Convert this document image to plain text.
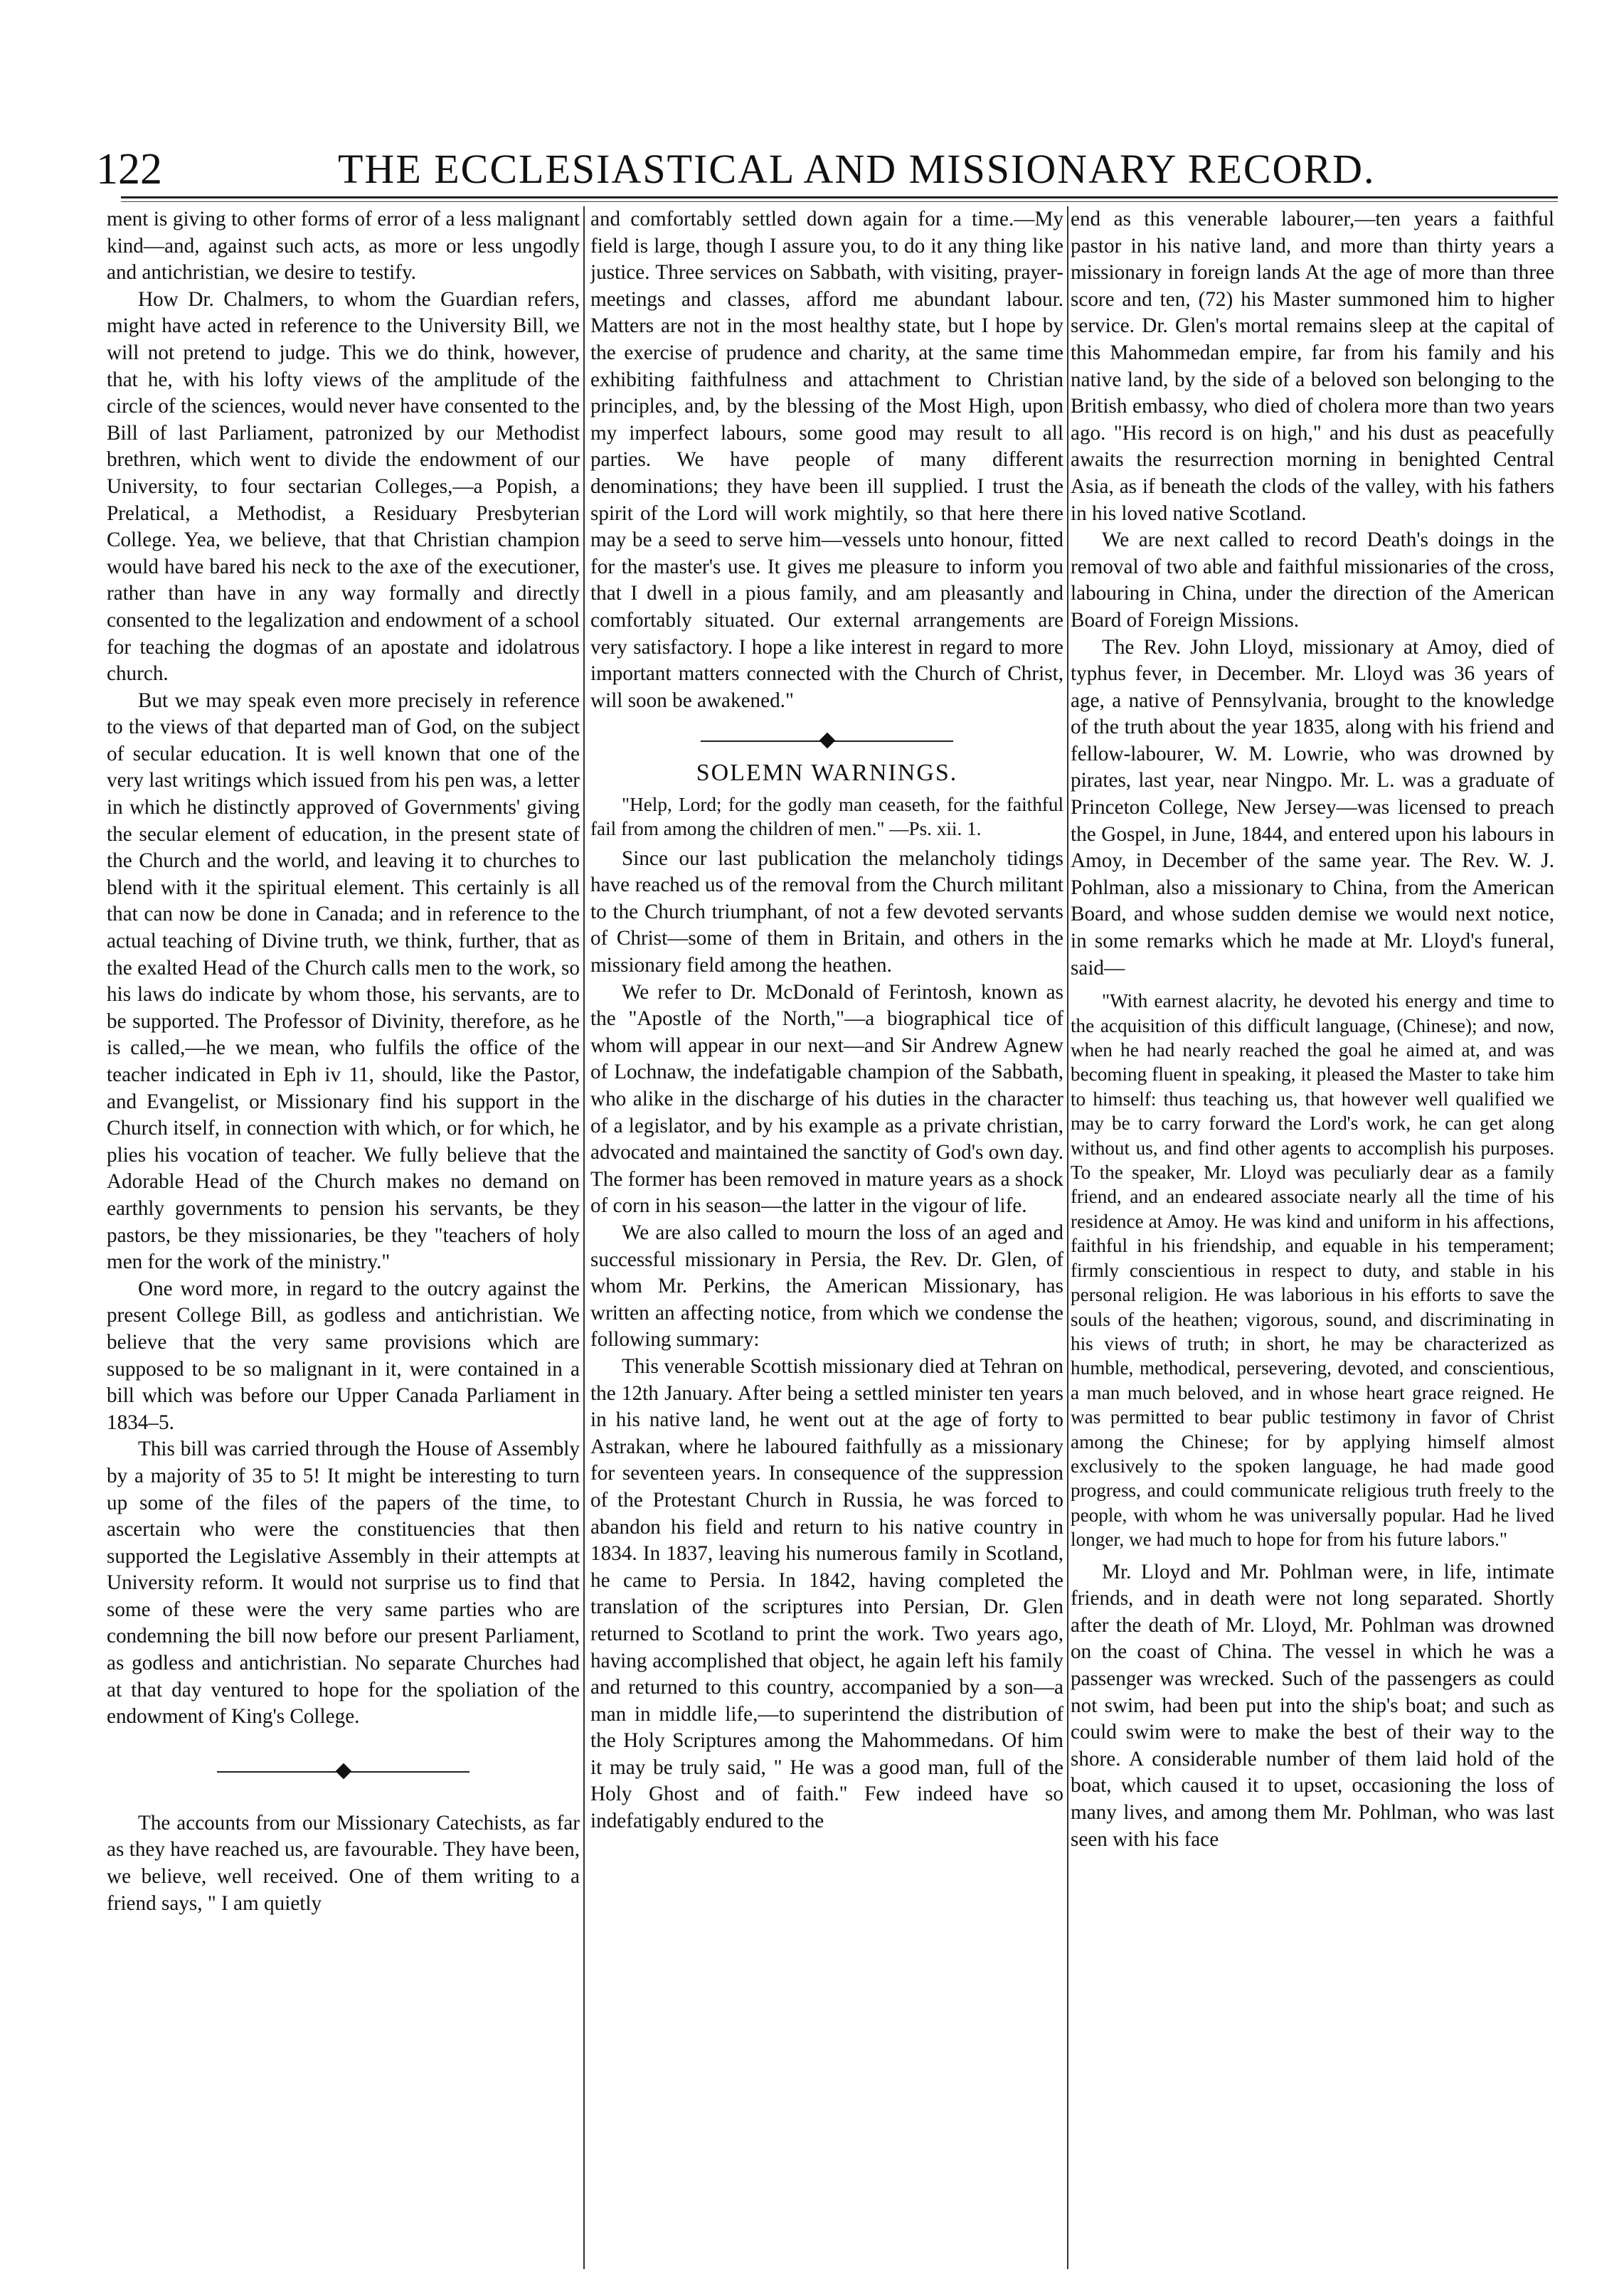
122	THE ECCLESIASTICAL AND MISSIONARY RECORD.

ment is giving to other forms of error of a less malignant kind—and, against such acts, as more or less ungodly and antichristian, we desire to testify.

How Dr. Chalmers, to whom the Guardian refers, might have acted in reference to the University Bill, we will not pretend to judge. This we do think, however, that he, with his lofty views of the amplitude of the circle of the sciences, would never have consented to the Bill of last Parliament, patronized by our Methodist brethren, which went to divide the endowment of our University, to four sectarian Colleges,—a Popish, a Prelatical, a Methodist, a Residuary Presbyterian College. Yea, we believe, that that Christian champion would have bared his neck to the axe of the executioner, rather than have in any way formally and directly consented to the legalization and endowment of a school for teaching the dogmas of an apostate and idolatrous church.

But we may speak even more precisely in reference to the views of that departed man of God, on the subject of secular education. It is well known that one of the very last writings which issued from his pen was, a letter in which he distinctly approved of Governments' giving the secular element of education, in the present state of the Church and the world, and leaving it to churches to blend with it the spiritual element. This certainly is all that can now be done in Canada; and in reference to the actual teaching of Divine truth, we think, further, that as the exalted Head of the Church calls men to the work, so his laws do indicate by whom those, his servants, are to be supported. The Professor of Divinity, therefore, as he is called,—he we mean, who fulfils the office of the teacher indicated in Eph iv 11, should, like the Pastor, and Evangelist, or Missionary find his support in the Church itself, in connection with which, or for which, he plies his vocation of teacher. We fully believe that the Adorable Head of the Church makes no demand on earthly governments to pension his servants, be they pastors, be they missionaries, be they "teachers of holy men for the work of the ministry."

One word more, in regard to the outcry against the present College Bill, as godless and antichristian. We believe that the very same provisions which are supposed to be so malignant in it, were contained in a bill which was before our Upper Canada Parliament in 1834–5.

This bill was carried through the House of Assembly by a majority of 35 to 5! It might be interesting to turn up some of the files of the papers of the time, to ascertain who were the constituencies that then supported the Legislative Assembly in their attempts at University reform. It would not surprise us to find that some of these were the very same parties who are condemning the bill now before our present Parliament, as godless and antichristian. No separate Churches had at that day ventured to hope for the spoliation of the endowment of King's College.

The accounts from our Missionary Catechists, as far as they have reached us, are favourable. They have been, we believe, well received. One of them writing to a friend says, " I am quietly

and comfortably settled down again for a time.—My field is large, though I assure you, to do it any thing like justice. Three services on Sabbath, with visiting, prayer-meetings and classes, afford me abundant labour. Matters are not in the most healthy state, but I hope by the exercise of prudence and charity, at the same time exhibiting faithfulness and attachment to Christian principles, and, by the blessing of the Most High, upon my imperfect labours, some good may result to all parties. We have people of many different denominations; they have been ill supplied. I trust the spirit of the Lord will work mightily, so that here there may be a seed to serve him—vessels unto honour, fitted for the master's use. It gives me pleasure to inform you that I dwell in a pious family, and am pleasantly and comfortably situated. Our external arrangements are very satisfactory. I hope a like interest in regard to more important matters connected with the Church of Christ, will soon be awakened."

SOLEMN WARNINGS.

"Help, Lord; for the godly man ceaseth, for the faithful fail from among the children of men." —Ps. xii. 1.

Since our last publication the melancholy tidings have reached us of the removal from the Church militant to the Church triumphant, of not a few devoted servants of Christ—some of them in Britain, and others in the missionary field among the heathen.

We refer to Dr. McDonald of Ferintosh, known as the "Apostle of the North,"—a biographical tice of whom will appear in our next—and Sir Andrew Agnew of Lochnaw, the indefatigable champion of the Sabbath, who alike in the discharge of his duties in the character of a legislator, and by his example as a private christian, advocated and maintained the sanctity of God's own day. The former has been removed in mature years as a shock of corn in his season—the latter in the vigour of life.

We are also called to mourn the loss of an aged and successful missionary in Persia, the Rev. Dr. Glen, of whom Mr. Perkins, the American Missionary, has written an affecting notice, from which we condense the following summary:

This venerable Scottish missionary died at Tehran on the 12th January. After being a settled minister ten years in his native land, he went out at the age of forty to Astrakan, where he laboured faithfully as a missionary for seventeen years. In consequence of the suppression of the Protestant Church in Russia, he was forced to abandon his field and return to his native country in 1834. In 1837, leaving his numerous family in Scotland, he came to Persia. In 1842, having completed the translation of the scriptures into Persian, Dr. Glen returned to Scotland to print the work. Two years ago, having accomplished that object, he again left his family and returned to this country, accompanied by a son—a man in middle life,—to superintend the distribution of the Holy Scriptures among the Mahommedans. Of him it may be truly said, " He was a good man, full of the Holy Ghost and of faith." Few indeed have so indefatigably endured to the

end as this venerable labourer,—ten years a faithful pastor in his native land, and more than thirty years a missionary in foreign lands At the age of more than three score and ten, (72) his Master summoned him to higher service. Dr. Glen's mortal remains sleep at the capital of this Mahommedan empire, far from his family and his native land, by the side of a beloved son belonging to the British embassy, who died of cholera more than two years ago. "His record is on high," and his dust as peacefully awaits the resurrection morning in benighted Central Asia, as if beneath the clods of the valley, with his fathers in his loved native Scotland.

We are next called to record Death's doings in the removal of two able and faithful missionaries of the cross, labouring in China, under the direction of the American Board of Foreign Missions.

The Rev. John Lloyd, missionary at Amoy, died of typhus fever, in December. Mr. Lloyd was 36 years of age, a native of Pennsylvania, brought to the knowledge of the truth about the year 1835, along with his friend and fellow-labourer, W. M. Lowrie, who was drowned by pirates, last year, near Ningpo. Mr. L. was a graduate of Princeton College, New Jersey—was licensed to preach the Gospel, in June, 1844, and entered upon his labours in Amoy, in December of the same year. The Rev. W. J. Pohlman, also a missionary to China, from the American Board, and whose sudden demise we would next notice, in some remarks which he made at Mr. Lloyd's funeral, said—

"With earnest alacrity, he devoted his energy and time to the acquisition of this difficult language, (Chinese); and now, when he had nearly reached the goal he aimed at, and was becoming fluent in speaking, it pleased the Master to take him to himself: thus teaching us, that however well qualified we may be to carry forward the Lord's work, he can get along without us, and find other agents to accomplish his purposes. To the speaker, Mr. Lloyd was peculiarly dear as a family friend, and an endeared associate nearly all the time of his residence at Amoy. He was kind and uniform in his affections, faithful in his friendship, and equable in his temperament; firmly conscientious in respect to duty, and stable in his personal religion. He was laborious in his efforts to save the souls of the heathen; vigorous, sound, and discriminating in his views of truth; in short, he may be characterized as humble, methodical, persevering, devoted, and conscientious, a man much beloved, and in whose heart grace reigned. He was permitted to bear public testimony in favor of Christ among the Chinese; for by applying himself almost exclusively to the spoken language, he had made good progress, and could communicate religious truth freely to the people, with whom he was universally popular. Had he lived longer, we had much to hope for from his future labors."

Mr. Lloyd and Mr. Pohlman were, in life, intimate friends, and in death were not long separated. Shortly after the death of Mr. Lloyd, Mr. Pohlman was drowned on the coast of China. The vessel in which he was a passenger was wrecked. Such of the passengers as could not swim, had been put into the ship's boat; and such as could swim were to make the best of their way to the shore. A considerable number of them laid hold of the boat, which caused it to upset, occasioning the loss of many lives, and among them Mr. Pohlman, who was last seen with his face
